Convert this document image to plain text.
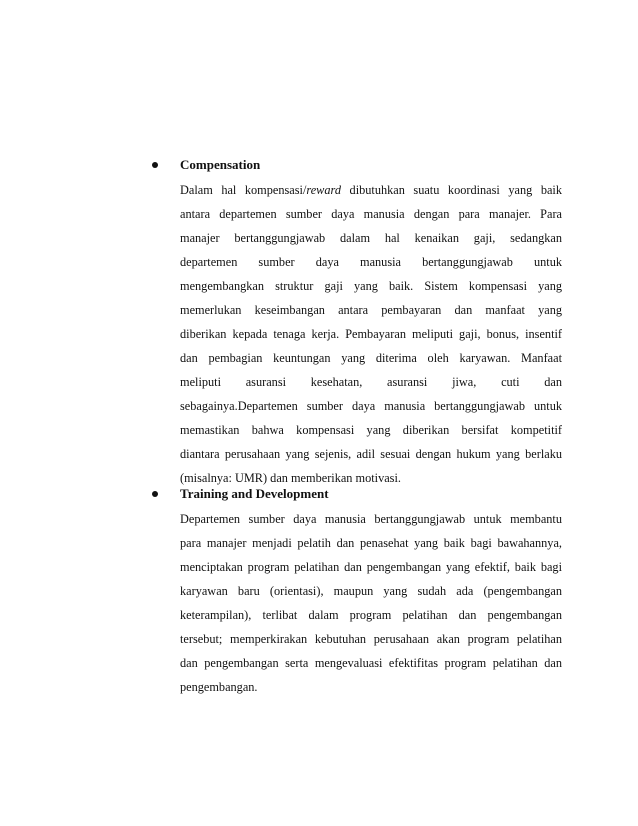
Compensation
Dalam hal kompensasi/reward dibutuhkan suatu koordinasi yang baik
antara departemen sumber daya manusia dengan para manajer. Para
manajer bertanggungjawab dalam hal kenaikan gaji, sedangkan
departemen sumber daya manusia bertanggungjawab untuk
mengembangkan struktur gaji yang baik. Sistem kompensasi yang
memerlukan keseimbangan antara pembayaran dan manfaat yang
diberikan kepada tenaga kerja. Pembayaran meliputi gaji, bonus, insentif
dan pembagian keuntungan yang diterima oleh karyawan. Manfaat
meliputi asuransi kesehatan, asuransi jiwa, cuti dan
sebagainya.Departemen sumber daya manusia bertanggungjawab untuk
memastikan bahwa kompensasi yang diberikan bersifat kompetitif
diantara perusahaan yang sejenis, adil sesuai dengan hukum yang berlaku
(misalnya: UMR) dan memberikan motivasi.
Training and Development
Departemen sumber daya manusia bertanggungjawab untuk membantu
para manajer menjadi pelatih dan penasehat yang baik bagi bawahannya,
menciptakan program pelatihan dan pengembangan yang efektif, baik bagi
karyawan baru (orientasi), maupun yang sudah ada (pengembangan
keterampilan), terlibat dalam program pelatihan dan pengembangan
tersebut; memperkirakan kebutuhan perusahaan akan program pelatihan
dan pengembangan serta mengevaluasi efektifitas program pelatihan dan
pengembangan.
